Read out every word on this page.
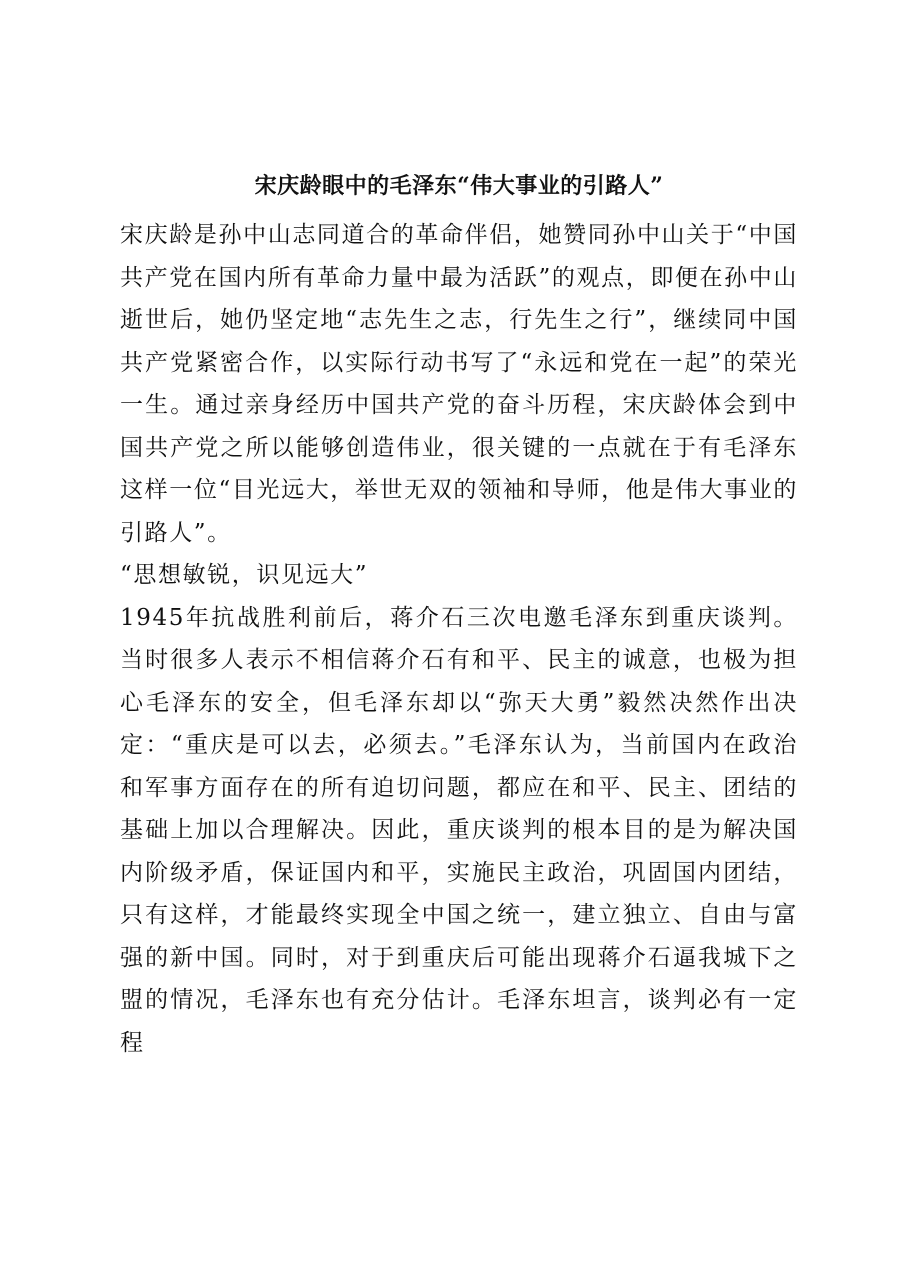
宋庆龄眼中的毛泽东“伟大事业的引路人”

宋庆龄是孙中山志同道合的革命伴侣，她赞同孙中山关于“中国共产党在国内所有革命力量中最为活跃”的观点，即便在孙中山逝世后，她仍坚定地“志先生之志，行先生之行”，继续同中国共产党紧密合作，以实际行动书写了“永远和党在一起”的荣光一生。通过亲身经历中国共产党的奋斗历程，宋庆龄体会到中国共产党之所以能够创造伟业，很关键的一点就在于有毛泽东这样一位“目光远大，举世无双的领袖和导师，他是伟大事业的引路人”。

“思想敏锐，识见远大”

1945年抗战胜利前后，蒋介石三次电邀毛泽东到重庆谈判。当时很多人表示不相信蒋介石有和平、民主的诚意，也极为担心毛泽东的安全，但毛泽东却以“弥天大勇”毅然决然作出决定：“重庆是可以去，必须去。”毛泽东认为，当前国内在政治和军事方面存在的所有迫切问题，都应在和平、民主、团结的基础上加以合理解决。因此，重庆谈判的根本目的是为解决国内阶级矛盾，保证国内和平，实施民主政治，巩固国内团结，只有这样，才能最终实现全中国之统一，建立独立、自由与富强的新中国。同时，对于到重庆后可能出现蒋介石逼我城下之盟的情况，毛泽东也有充分估计。毛泽东坦言，谈判必有一定程
